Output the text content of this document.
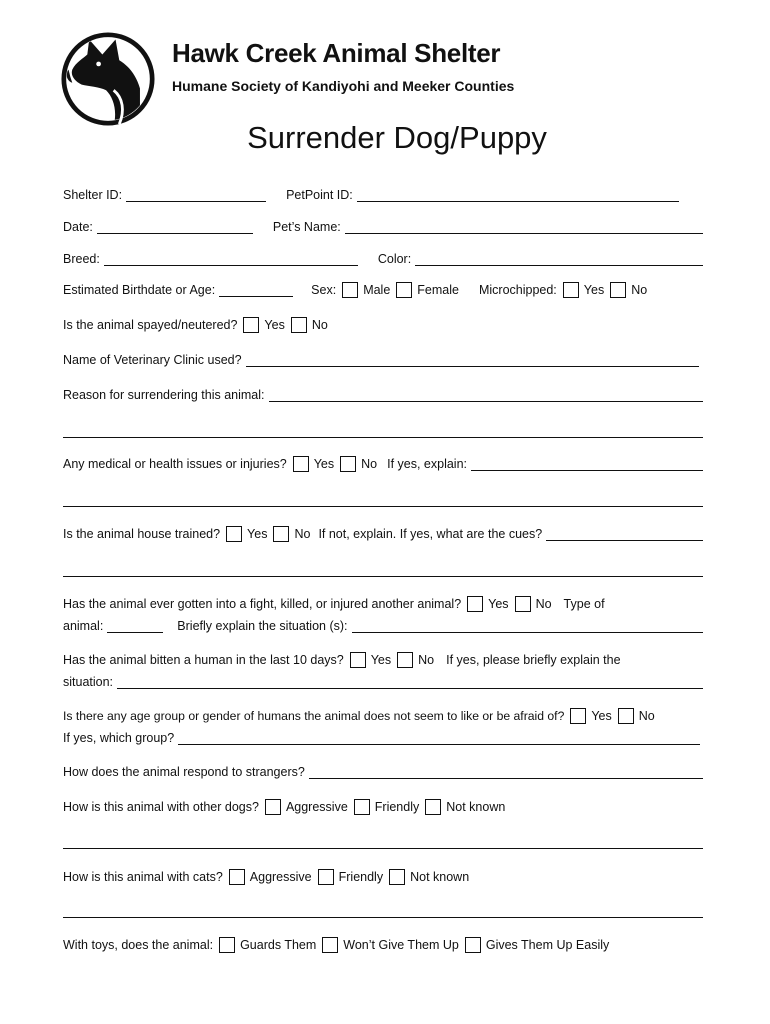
Hawk Creek Animal Shelter
Humane Society of Kandiyohi and Meeker Counties
Surrender Dog/Puppy
Shelter ID:	PetPoint ID:
Date:	Pet’s Name:
Breed:	Color:
Estimated Birthdate or Age:	Sex: Male Female Microchipped: Yes No
Is the animal spayed/neutered? Yes No
Name of Veterinary Clinic used?
Reason for surrendering this animal:
Any medical or health issues or injuries? Yes No If yes, explain:
Is the animal house trained? Yes No If not, explain. If yes, what are the cues?
Has the animal ever gotten into a fight, killed, or injured another animal? Yes No Type of
animal:	Briefly explain the situation (s):
Has the animal bitten a human in the last 10 days? Yes No If yes, please briefly explain the
situation:
Is there any age group or gender of humans the animal does not seem to like or be afraid of? Yes No
If yes, which group?
How does the animal respond to strangers?
How is this animal with other dogs? Aggressive Friendly Not known
How is this animal with cats? Aggressive Friendly Not known
With toys, does the animal: Guards Them Won’t Give Them Up Gives Them Up Easily
